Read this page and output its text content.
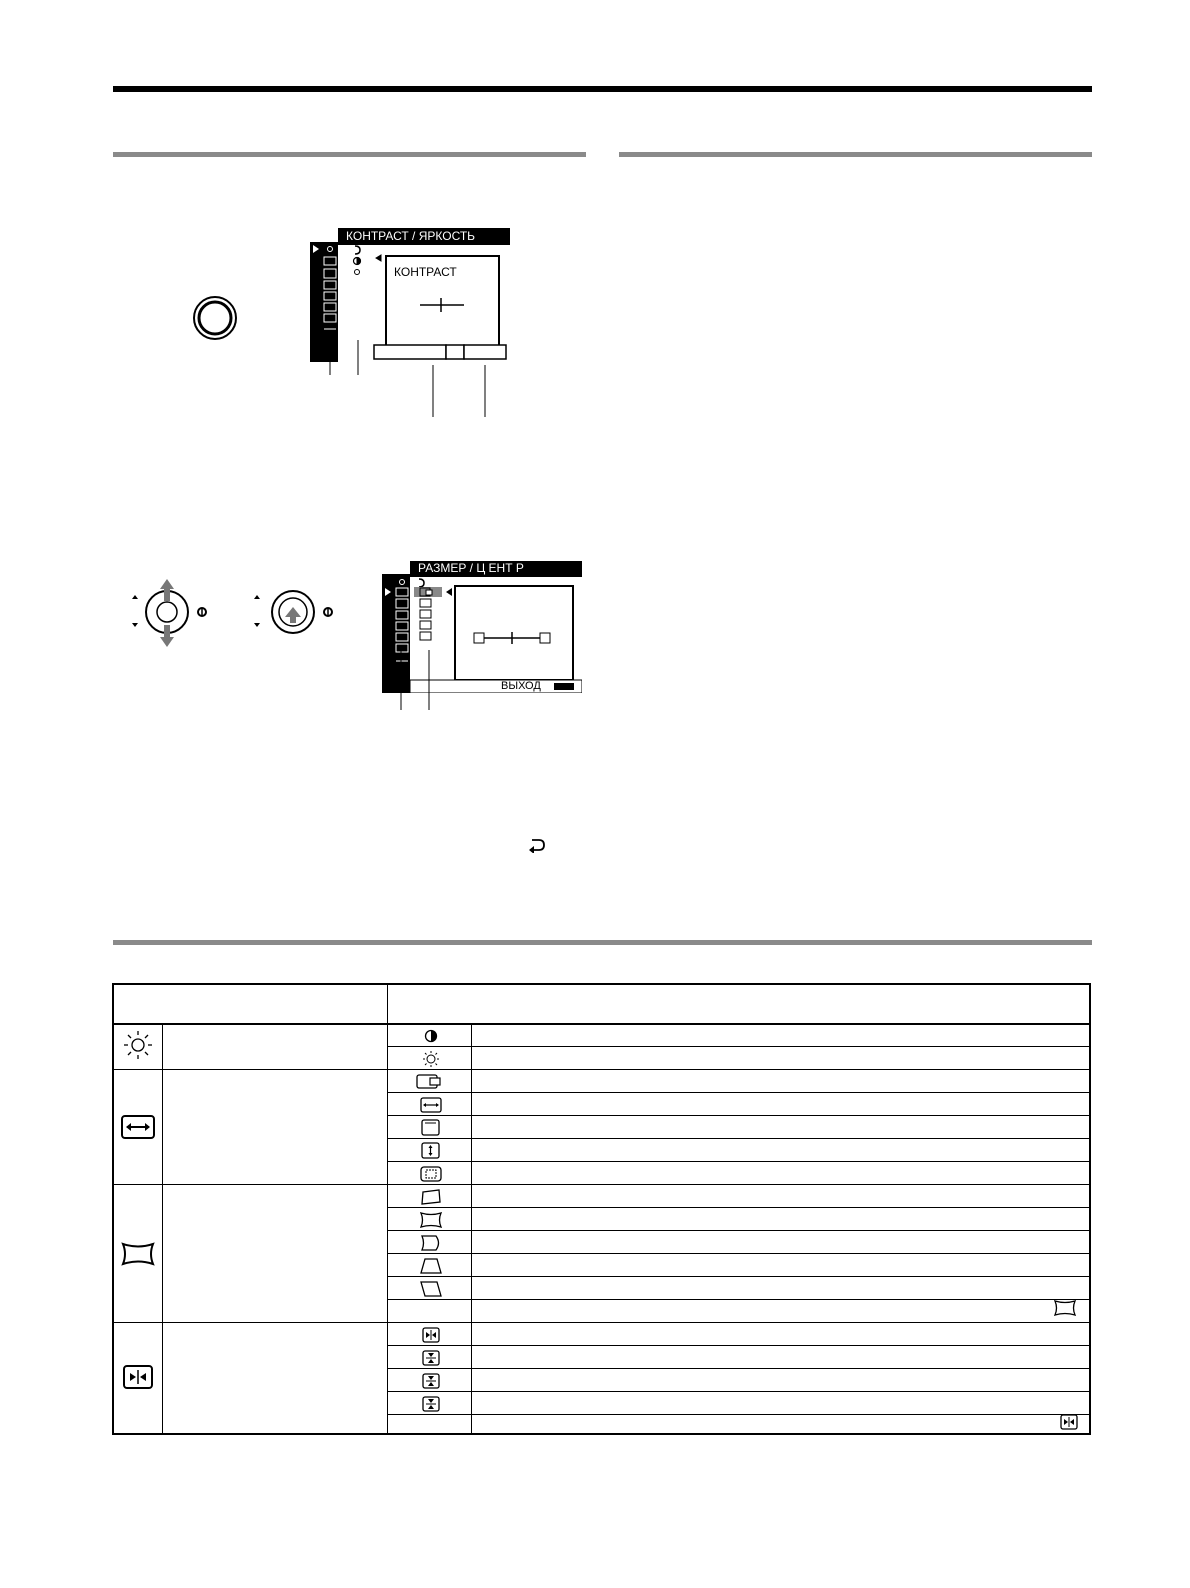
КОНТРАСТ / ЯРКОСТЬ
КОНТРАСТ
РАЗМЕР / Ц ЕНТ Р
ВЫХОД
